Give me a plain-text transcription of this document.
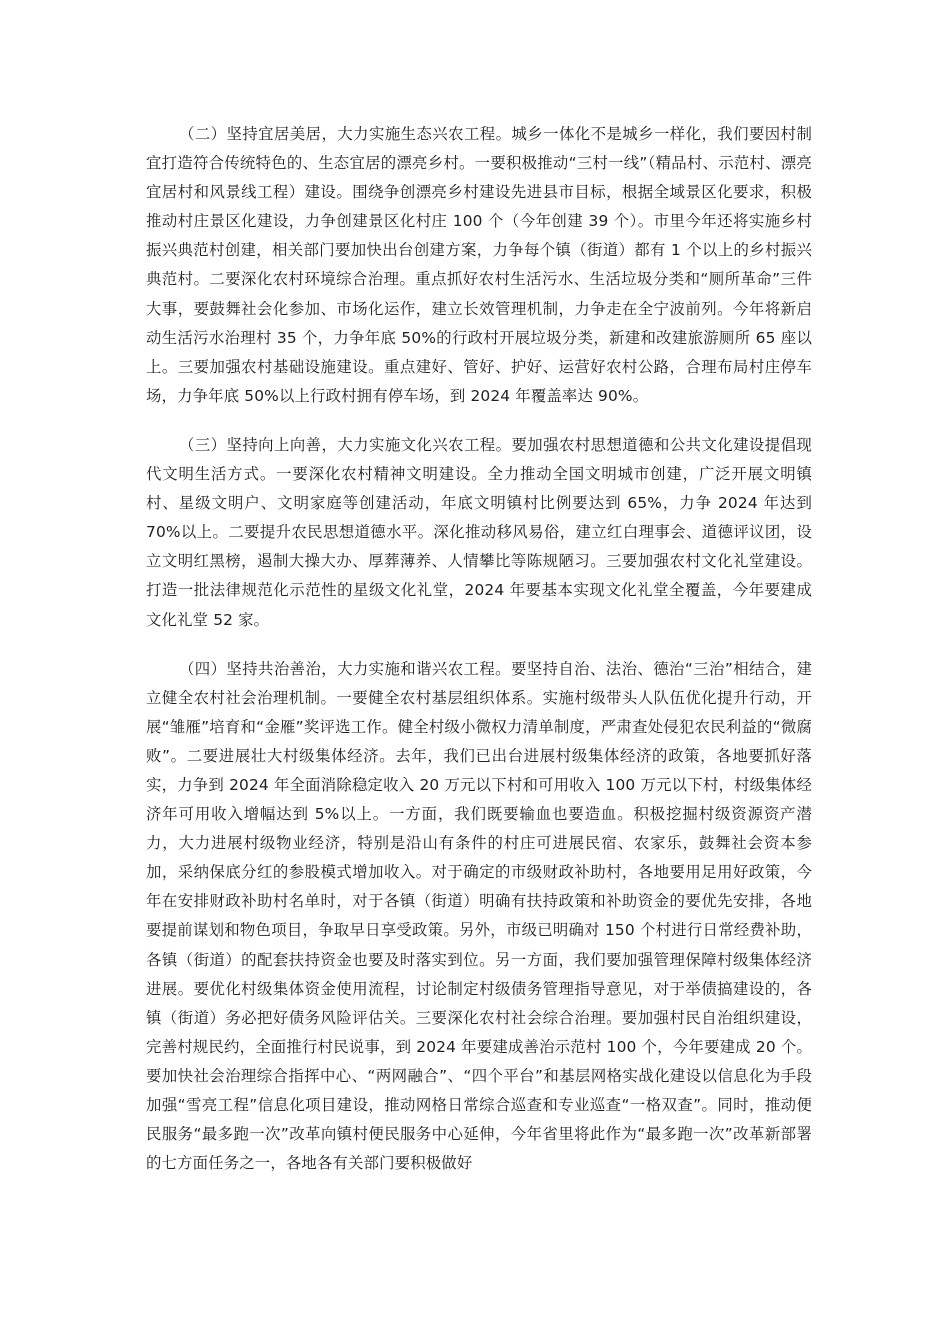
（二）坚持宜居美居，大力实施生态兴农工程。城乡一体化不是城乡一样化，我们要因村制宜打造符合传统特色的、生态宜居的漂亮乡村。一要积极推动“三村一线”（精品村、示范村、漂亮宜居村和风景线工程）建设。围绕争创漂亮乡村建设先进县市目标，根据全域景区化要求，积极推动村庄景区化建设，力争创建景区化村庄 100 个（今年创建 39 个）。市里今年还将实施乡村振兴典范村创建，相关部门要加快出台创建方案，力争每个镇（街道）都有 1 个以上的乡村振兴典范村。二要深化农村环境综合治理。重点抓好农村生活污水、生活垃圾分类和“厕所革命”三件大事，要鼓舞社会化参加、市场化运作，建立长效管理机制，力争走在全宁波前列。今年将新启动生活污水治理村 35 个，力争年底 50%的行政村开展垃圾分类，新建和改建旅游厕所 65 座以上。三要加强农村基础设施建设。重点建好、管好、护好、运营好农村公路，合理布局村庄停车场，力争年底 50%以上行政村拥有停车场，到 2024 年覆盖率达 90%。

（三）坚持向上向善，大力实施文化兴农工程。要加强农村思想道德和公共文化建设提倡现代文明生活方式。一要深化农村精神文明建设。全力推动全国文明城市创建，广泛开展文明镇村、星级文明户、文明家庭等创建活动，年底文明镇村比例要达到 65%，力争 2024 年达到 70%以上。二要提升农民思想道德水平。深化推动移风易俗，建立红白理事会、道德评议团，设立文明红黑榜，遏制大操大办、厚葬薄养、人情攀比等陈规陋习。三要加强农村文化礼堂建设。打造一批法律规范化示范性的星级文化礼堂，2024 年要基本实现文化礼堂全覆盖，今年要建成文化礼堂 52 家。

（四）坚持共治善治，大力实施和谐兴农工程。要坚持自治、法治、德治“三治”相结合，建立健全农村社会治理机制。一要健全农村基层组织体系。实施村级带头人队伍优化提升行动，开展“雏雁”培育和“金雁”奖评选工作。健全村级小微权力清单制度，严肃查处侵犯农民利益的“微腐败”。二要进展壮大村级集体经济。去年，我们已出台进展村级集体经济的政策，各地要抓好落实，力争到 2024 年全面消除稳定收入 20 万元以下村和可用收入 100 万元以下村，村级集体经济年可用收入增幅达到 5%以上。一方面，我们既要输血也要造血。积极挖掘村级资源资产潜力，大力进展村级物业经济，特别是沿山有条件的村庄可进展民宿、农家乐，鼓舞社会资本参加，采纳保底分红的参股模式增加收入。对于确定的市级财政补助村，各地要用足用好政策，今年在安排财政补助村名单时，对于各镇（街道）明确有扶持政策和补助资金的要优先安排，各地要提前谋划和物色项目，争取早日享受政策。另外，市级已明确对 150 个村进行日常经费补助，各镇（街道）的配套扶持资金也要及时落实到位。另一方面，我们要加强管理保障村级集体经济进展。要优化村级集体资金使用流程，讨论制定村级债务管理指导意见，对于举债搞建设的，各镇（街道）务必把好债务风险评估关。三要深化农村社会综合治理。要加强村民自治组织建设，完善村规民约，全面推行村民说事，到 2024 年要建成善治示范村 100 个，今年要建成 20 个。要加快社会治理综合指挥中心、“两网融合”、“四个平台”和基层网格实战化建设以信息化为手段加强“雪亮工程”信息化项目建设，推动网格日常综合巡查和专业巡查“一格双查”。同时，推动便民服务“最多跑一次”改革向镇村便民服务中心延伸，今年省里将此作为“最多跑一次”改革新部署的七方面任务之一，各地各有关部门要积极做好
